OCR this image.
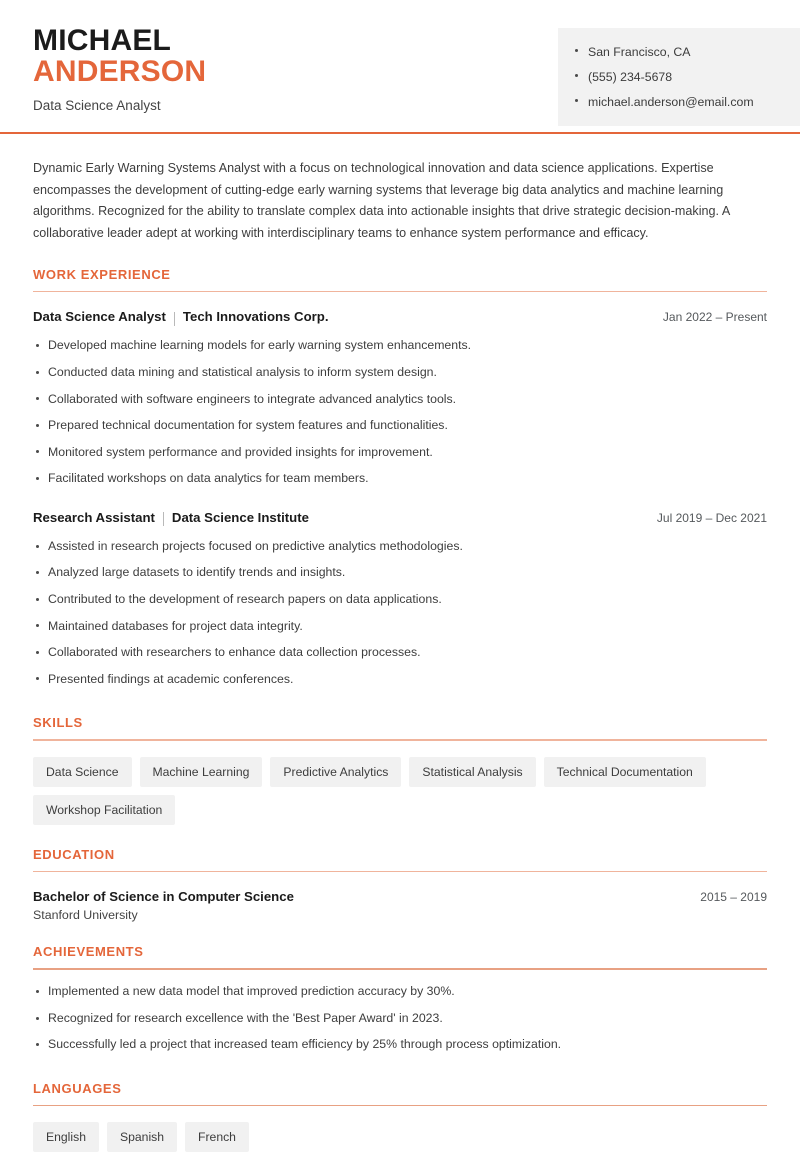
MICHAEL
ANDERSON
Data Science Analyst
San Francisco, CA
(555) 234-5678
michael.anderson@email.com

Dynamic Early Warning Systems Analyst with a focus on technological innovation and data science applications. Expertise encompasses the development of cutting-edge early warning systems that leverage big data analytics and machine learning algorithms. Recognized for the ability to translate complex data into actionable insights that drive strategic decision-making. A collaborative leader adept at working with interdisciplinary teams to enhance system performance and efficacy.

WORK EXPERIENCE
Data Science Analyst Tech Innovations Corp.	Jan 2022 – Present
Developed machine learning models for early warning system enhancements.
Conducted data mining and statistical analysis to inform system design.
Collaborated with software engineers to integrate advanced analytics tools.
Prepared technical documentation for system features and functionalities.
Monitored system performance and provided insights for improvement.
Facilitated workshops on data analytics for team members.
Research Assistant Data Science Institute	Jul 2019 – Dec 2021
Assisted in research projects focused on predictive analytics methodologies.
Analyzed large datasets to identify trends and insights.
Contributed to the development of research papers on data applications.
Maintained databases for project data integrity.
Collaborated with researchers to enhance data collection processes.
Presented findings at academic conferences.
SKILLS
Data Science	Machine Learning	Predictive Analytics	Statistical Analysis	Technical Documentation
Workshop Facilitation
EDUCATION
Bachelor of Science in Computer Science	2015 – 2019
Stanford University
ACHIEVEMENTS
Implemented a new data model that improved prediction accuracy by 30%.
Recognized for research excellence with the 'Best Paper Award' in 2023.
Successfully led a project that increased team efficiency by 25% through process optimization.
LANGUAGES
English	Spanish	French
